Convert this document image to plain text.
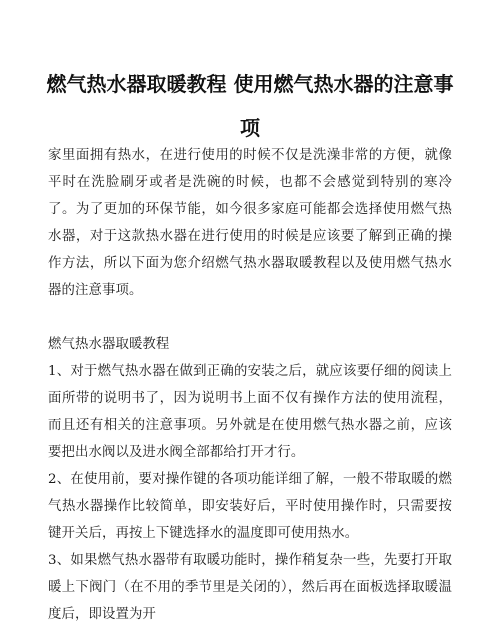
燃气热水器取暖教程 使用燃气热水器的注意事项

家里面拥有热水，在进行使用的时候不仅是洗澡非常的方便，就像平时在洗脸刷牙或者是洗碗的时候，也都不会感觉到特别的寒冷了。为了更加的环保节能，如今很多家庭可能都会选择使用燃气热水器，对于这款热水器在进行使用的时候是应该要了解到正确的操作方法，所以下面为您介绍燃气热水器取暖教程以及使用燃气热水器的注意事项。

燃气热水器取暖教程

1、对于燃气热水器在做到正确的安装之后，就应该要仔细的阅读上面所带的说明书了，因为说明书上面不仅有操作方法的使用流程，而且还有相关的注意事项。另外就是在使用燃气热水器之前，应该要把出水阀以及进水阀全部都给打开才行。

2、在使用前，要对操作键的各项功能详细了解，一般不带取暖的燃气热水器操作比较简单，即安装好后，平时使用操作时，只需要按键开关后，再按上下键选择水的温度即可使用热水。

3、如果燃气热水器带有取暖功能时，操作稍复杂一些，先要打开取暖上下阀门（在不用的季节里是关闭的），然后再在面板选择取暖温度后，即设置为开
